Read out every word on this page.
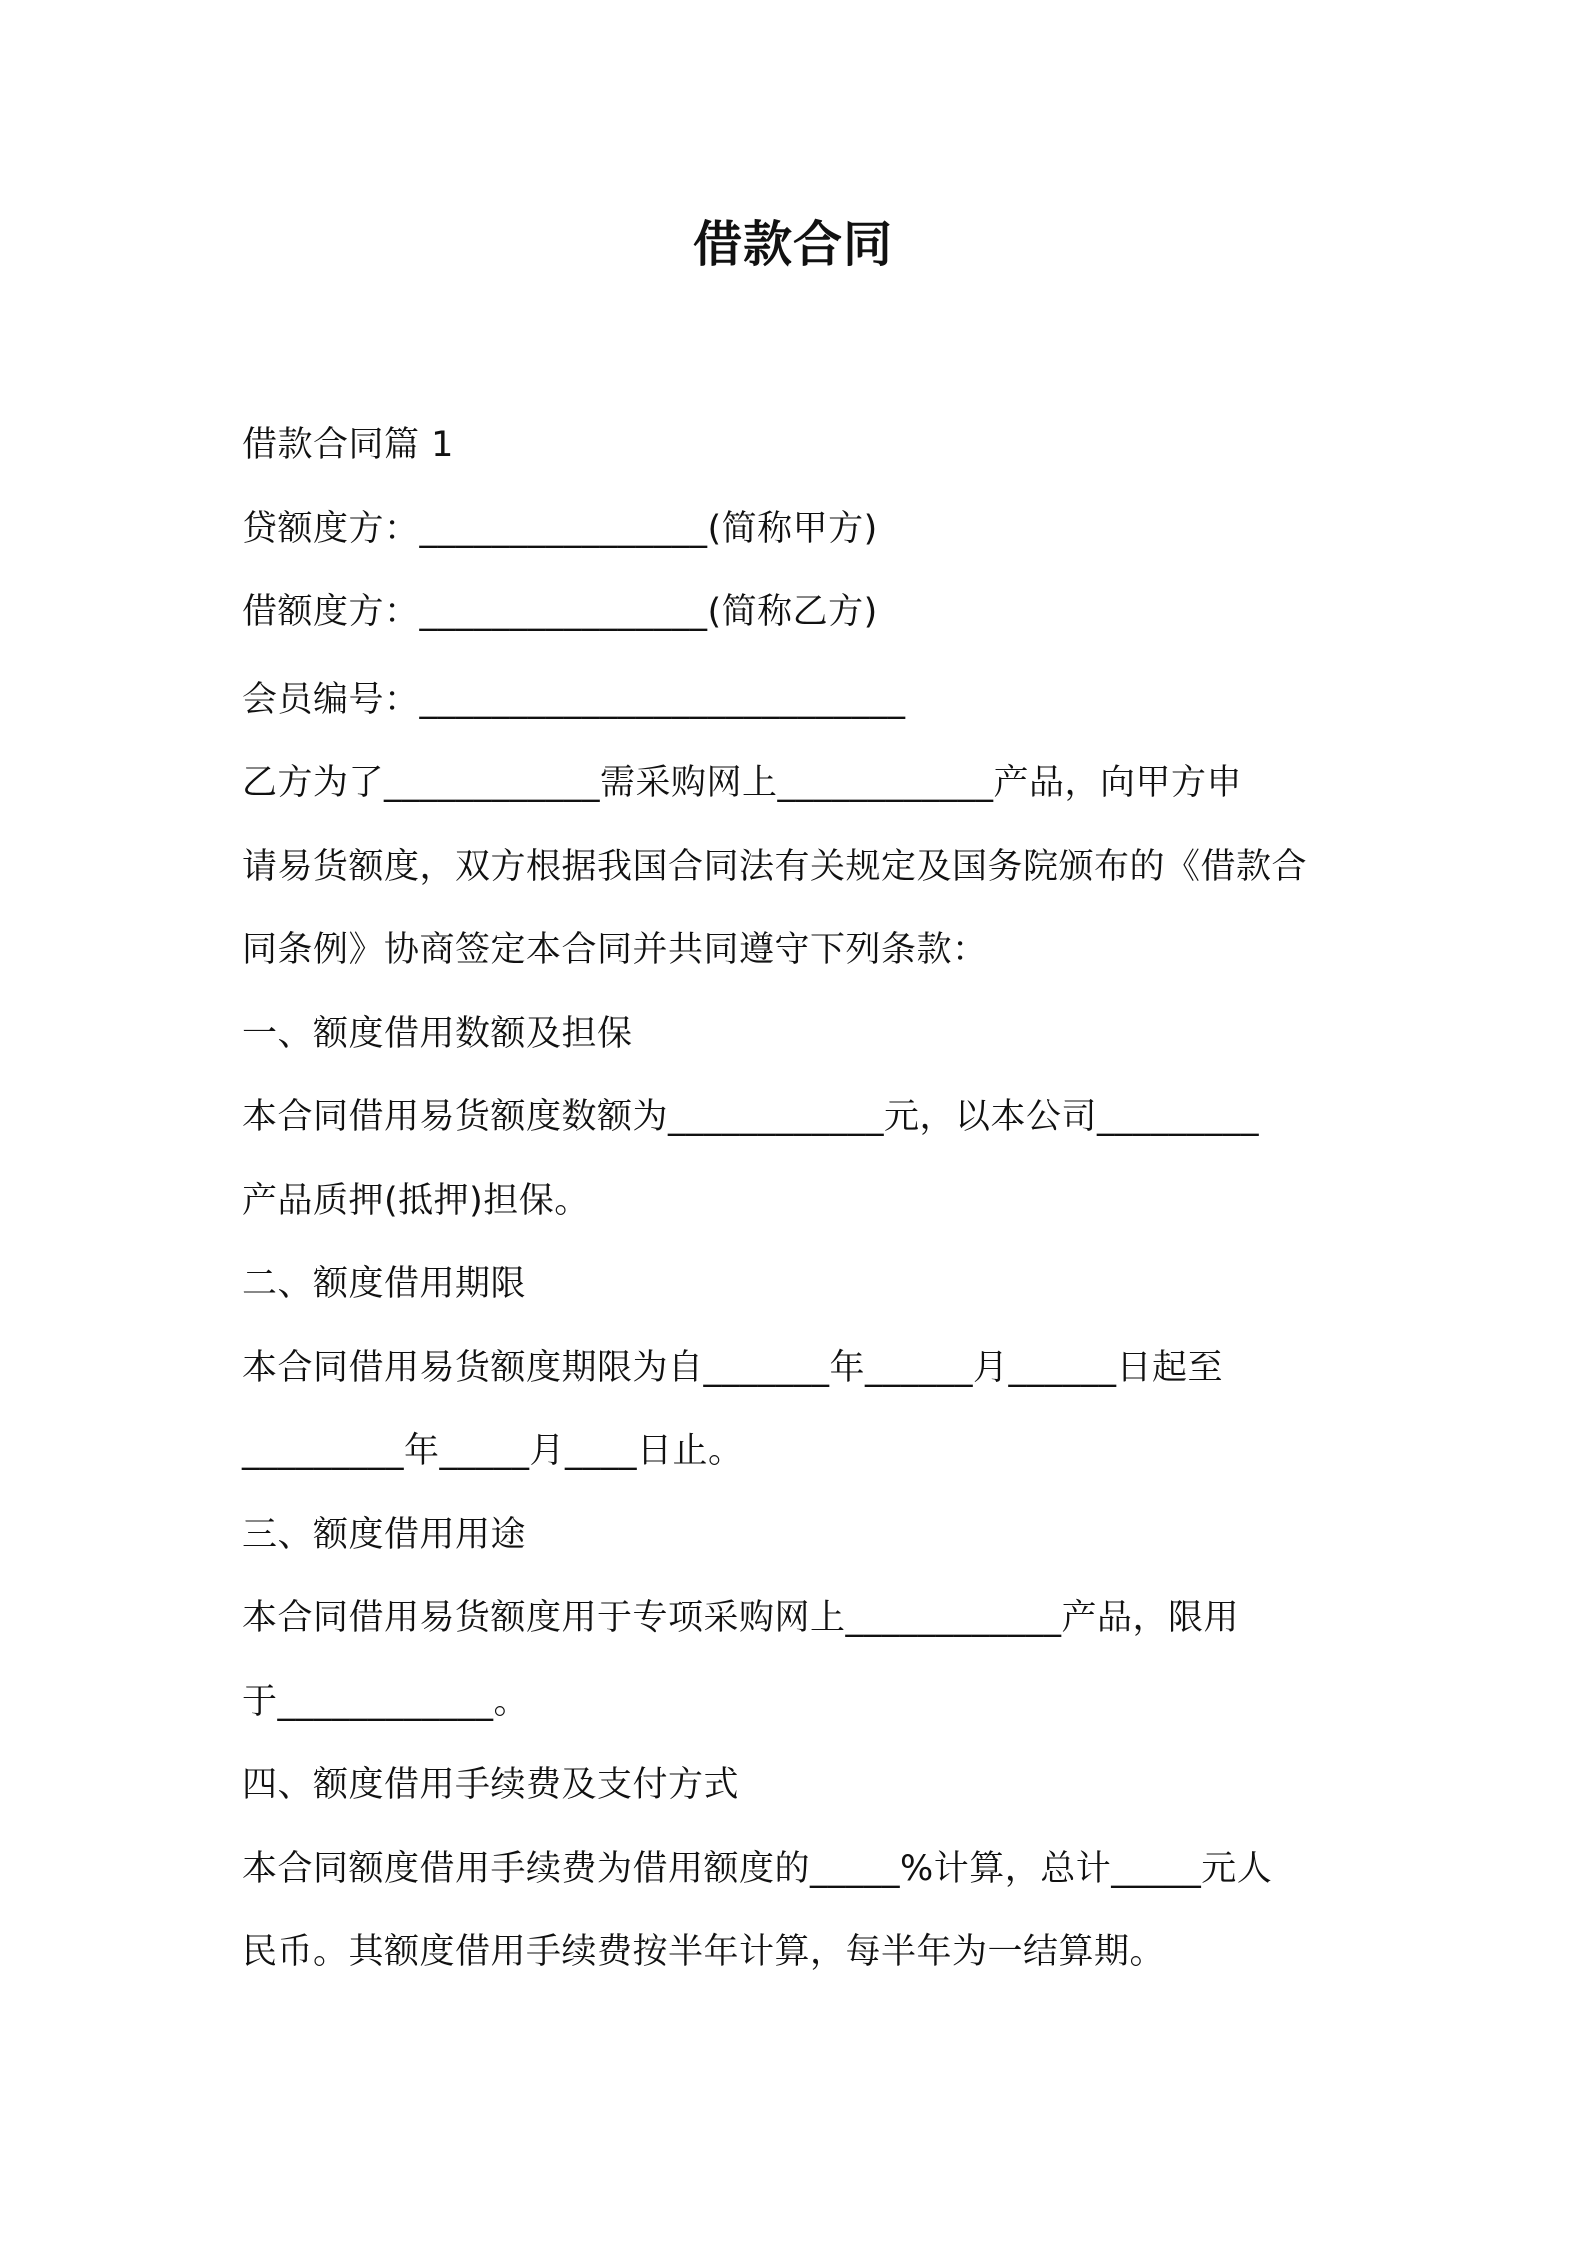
借款合同
借款合同篇 1
贷额度方：________________(简称甲方)
借额度方：________________(简称乙方)
会员编号：___________________________
乙方为了____________需采购网上____________产品，向甲方申
请易货额度，双方根据我国合同法有关规定及国务院颁布的《借款合
同条例》协商签定本合同并共同遵守下列条款：
一、额度借用数额及担保
本合同借用易货额度数额为____________元，以本公司_________
产品质押(抵押)担保。
二、额度借用期限
本合同借用易货额度期限为自_______年______月______日起至
_________年_____月____日止。
三、额度借用用途
本合同借用易货额度用于专项采购网上____________产品，限用
于____________。
四、额度借用手续费及支付方式
本合同额度借用手续费为借用额度的_____%计算，总计_____元人
民币。其额度借用手续费按半年计算，每半年为一结算期。
